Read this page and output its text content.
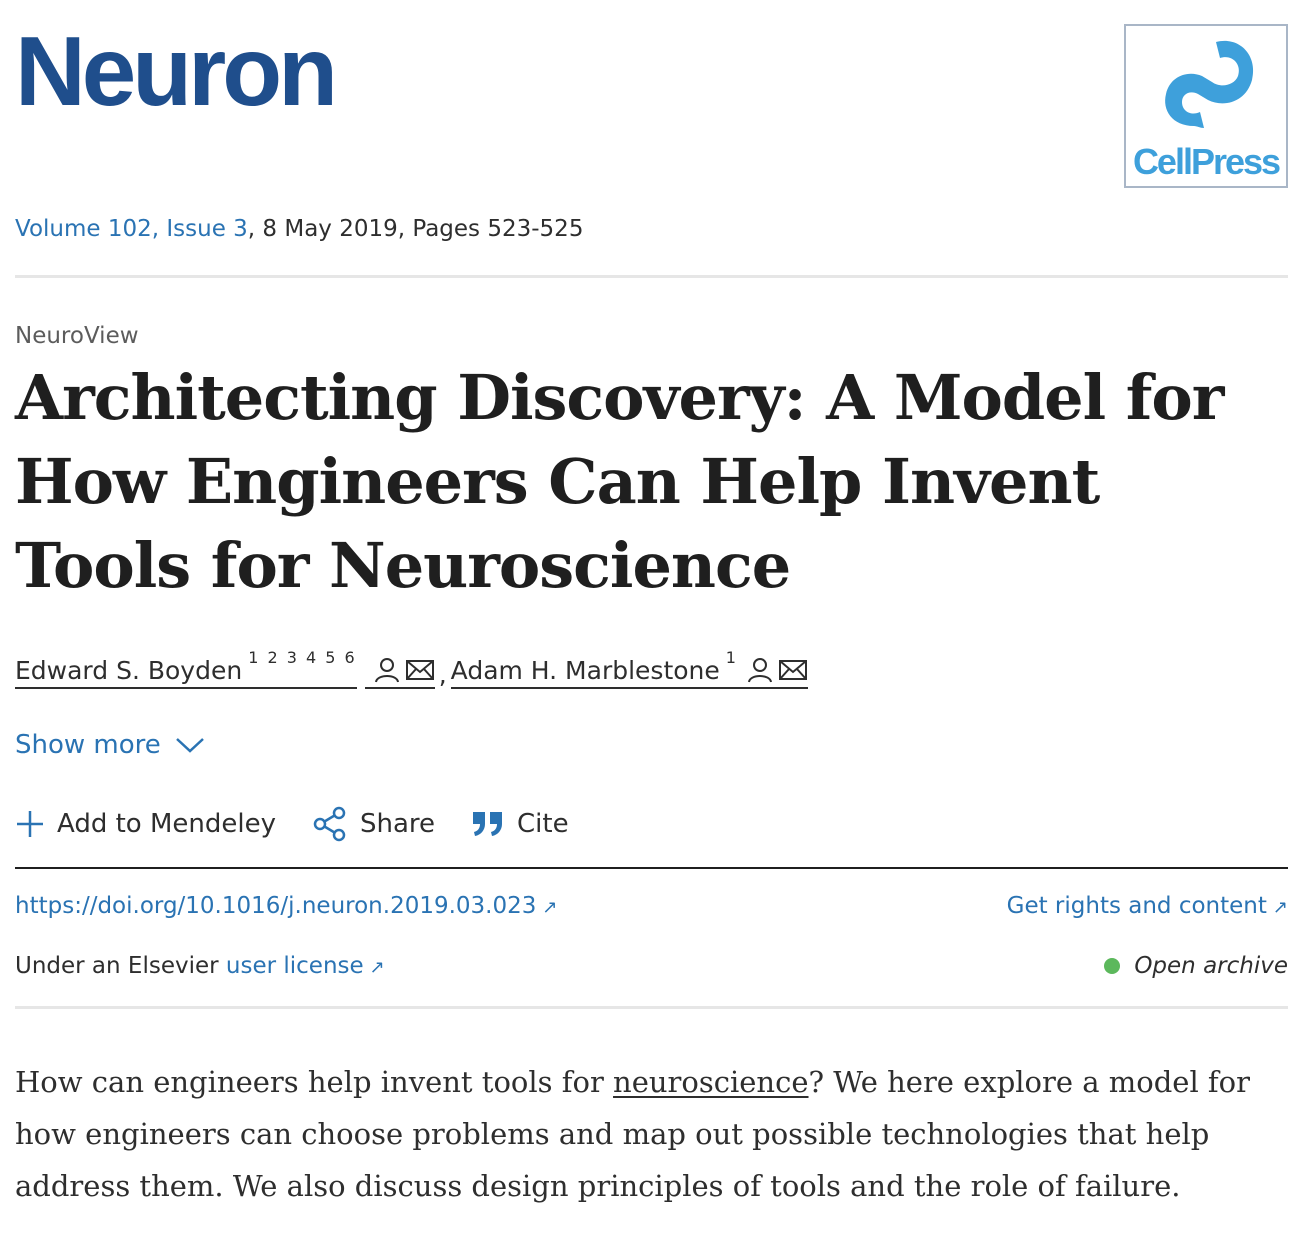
Neuron
CellPress
Volume 102, Issue 3, 8 May 2019, Pages 523-525
NeuroView
Architecting Discovery: A Model for How Engineers Can Help Invent Tools for Neuroscience
Edward S. Boyden $^{1 2 3 4 5 6}$
, Adam H. Marblestone $^1$
Show more
Add to Mendeley	Share	Cite
https://doi.org/10.1016/j.neuron.2019.03.023 ↗	Get rights and content ↗
Under an Elsevier user license ↗	Open archive

How can engineers help invent tools for neuroscience? We here explore a model for how engineers can choose problems and map out possible technologies that help address them. We also discuss design principles of tools and the role of failure.
